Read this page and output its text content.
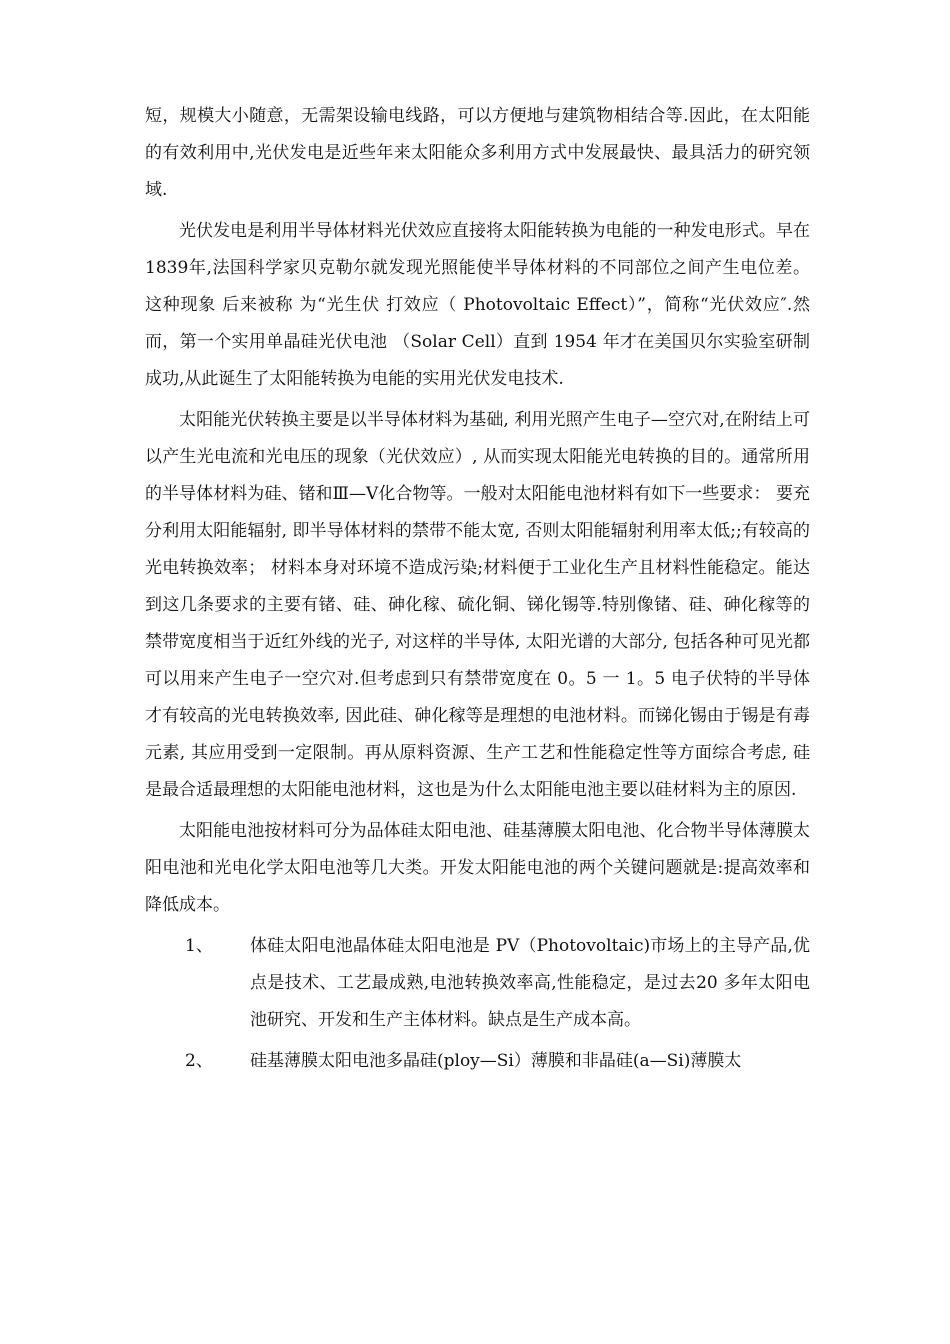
短，规模大小随意，无需架设输电线路，可以方便地与建筑物相结合等.因此，在太阳能的有效利用中,光伏发电是近些年来太阳能众多利用方式中发展最快、最具活力的研究领域.

光伏发电是利用半导体材料光伏效应直接将太阳能转换为电能的一种发电形式。早在1839年,法国科学家贝克勒尔就发现光照能使半导体材料的不同部位之间产生电位差。 这种现象 后来被称 为“光生伏 打效应（ Photovoltaic Effect）”，简称“光伏效应″.然而，第一个实用单晶硅光伏电池 （Solar Cell）直到 1954 年才在美国贝尔实验室研制成功,从此诞生了太阳能转换为电能的实用光伏发电技术.

太阳能光伏转换主要是以半导体材料为基础, 利用光照产生电子—空穴对,在附结上可以产生光电流和光电压的现象（光伏效应）, 从而实现太阳能光电转换的目的。通常所用的半导体材料为硅、锗和Ⅲ—Ⅴ化合物等。一般对太阳能电池材料有如下一些要求： 要充分利用太阳能辐射, 即半导体材料的禁带不能太宽, 否则太阳能辐射利用率太低;;有较高的光电转换效率； 材料本身对环境不造成污染;材料便于工业化生产且材料性能稳定。能达到这几条要求的主要有锗、硅、砷化稼、硫化铜、锑化锡等.特别像锗、硅、砷化稼等的禁带宽度相当于近红外线的光子, 对这样的半导体, 太阳光谱的大部分, 包括各种可见光都可以用来产生电子一空穴对.但考虑到只有禁带宽度在 0。5 一 1。5 电子伏特的半导体才有较高的光电转换效率, 因此硅、砷化稼等是理想的电池材料。而锑化锡由于锡是有毒元素, 其应用受到一定限制。再从原料资源、生产工艺和性能稳定性等方面综合考虑, 硅是最合适最理想的太阳能电池材料，这也是为什么太阳能电池主要以硅材料为主的原因.

太阳能电池按材料可分为品体硅太阳电池、硅基薄膜太阳电池、化合物半导体薄膜太阳电池和光电化学太阳电池等几大类。开发太阳能电池的两个关键问题就是:提高效率和降低成本。

1、 体硅太阳电池晶体硅太阳电池是 PV（Photovoltaic)市场上的主导产品,优点是技术、工艺最成熟,电池转换效率高,性能稳定，是过去20 多年太阳电池研究、开发和生产主体材料。缺点是生产成本高。
2、 硅基薄膜太阳电池多晶硅(ploy—Si）薄膜和非晶硅(a—Si)薄膜太
